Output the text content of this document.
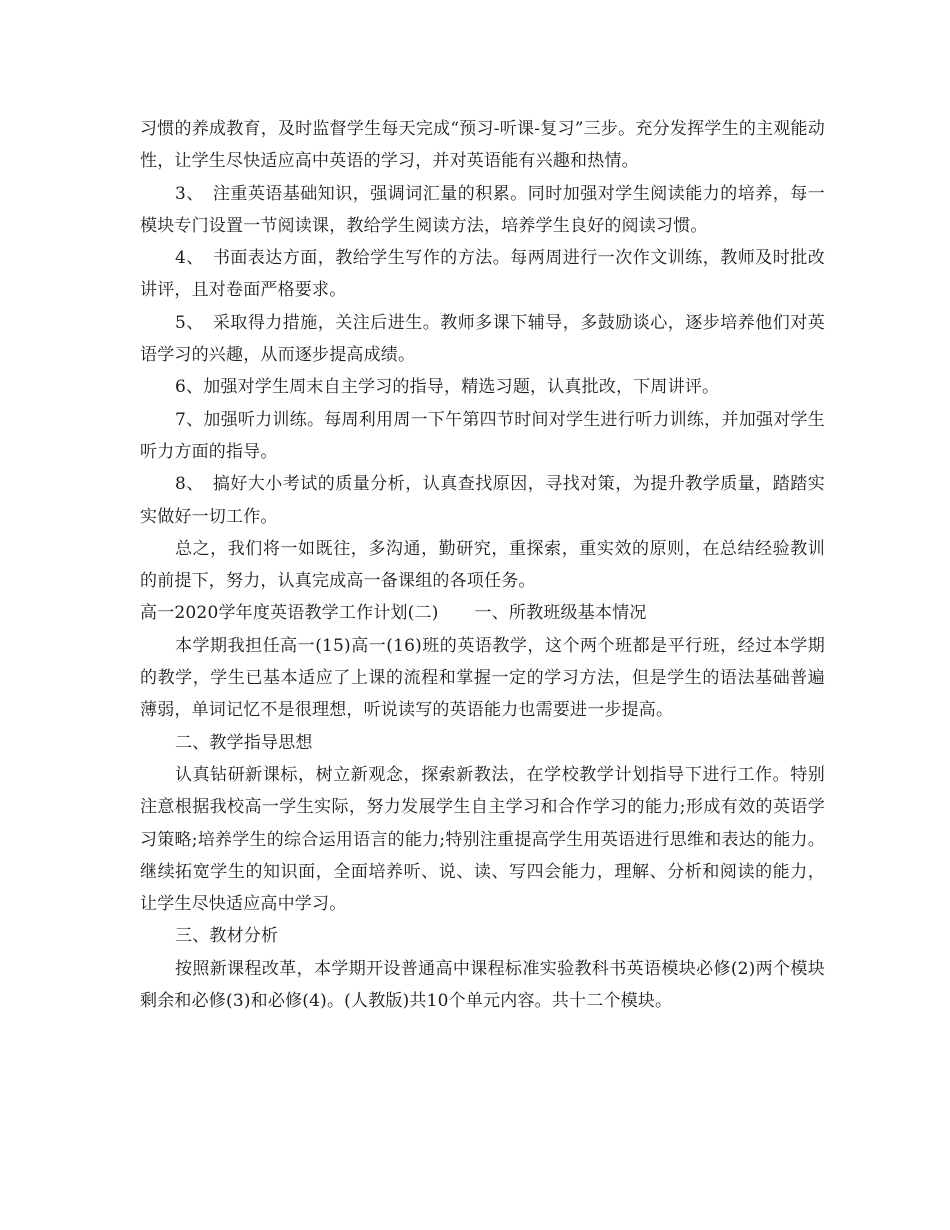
习惯的养成教育，及时监督学生每天完成“预习-听课-复习”三步。充分发挥学生的主观能动性，让学生尽快适应高中英语的学习，并对英语能有兴趣和热情。

3、　注重英语基础知识，强调词汇量的积累。同时加强对学生阅读能力的培养，每一模块专门设置一节阅读课，教给学生阅读方法，培养学生良好的阅读习惯。

4、　书面表达方面，教给学生写作的方法。每两周进行一次作文训练，教师及时批改讲评，且对卷面严格要求。

5、　采取得力措施，关注后进生。教师多课下辅导，多鼓励谈心，逐步培养他们对英语学习的兴趣，从而逐步提高成绩。

6、加强对学生周末自主学习的指导，精选习题，认真批改，下周讲评。

7、加强听力训练。每周利用周一下午第四节时间对学生进行听力训练，并加强对学生听力方面的指导。

8、　搞好大小考试的质量分析，认真查找原因，寻找对策，为提升教学质量，踏踏实实做好一切工作。

总之，我们将一如既往，多沟通，勤研究，重探索，重实效的原则，在总结经验教训的前提下，努力，认真完成高一备课组的各项任务。

高一2020学年度英语教学工作计划(二) 一、所教班级基本情况

本学期我担任高一(15)高一(16)班的英语教学，这个两个班都是平行班，经过本学期的教学，学生已基本适应了上课的流程和掌握一定的学习方法，但是学生的语法基础普遍薄弱，单词记忆不是很理想，听说读写的英语能力也需要进一步提高。

二、教学指导思想

认真钻研新课标，树立新观念，探索新教法，在学校教学计划指导下进行工作。特别注意根据我校高一学生实际，努力发展学生自主学习和合作学习的能力;形成有效的英语学习策略;培养学生的综合运用语言的能力;特别注重提高学生用英语进行思维和表达的能力。继续拓宽学生的知识面，全面培养听、说、读、写四会能力，理解、分析和阅读的能力，让学生尽快适应高中学习。

三、教材分析

按照新课程改革，本学期开设普通高中课程标准实验教科书英语模块必修(2)两个模块剩余和必修(3)和必修(4)。(人教版)共10个单元内容。共十二个模块。
